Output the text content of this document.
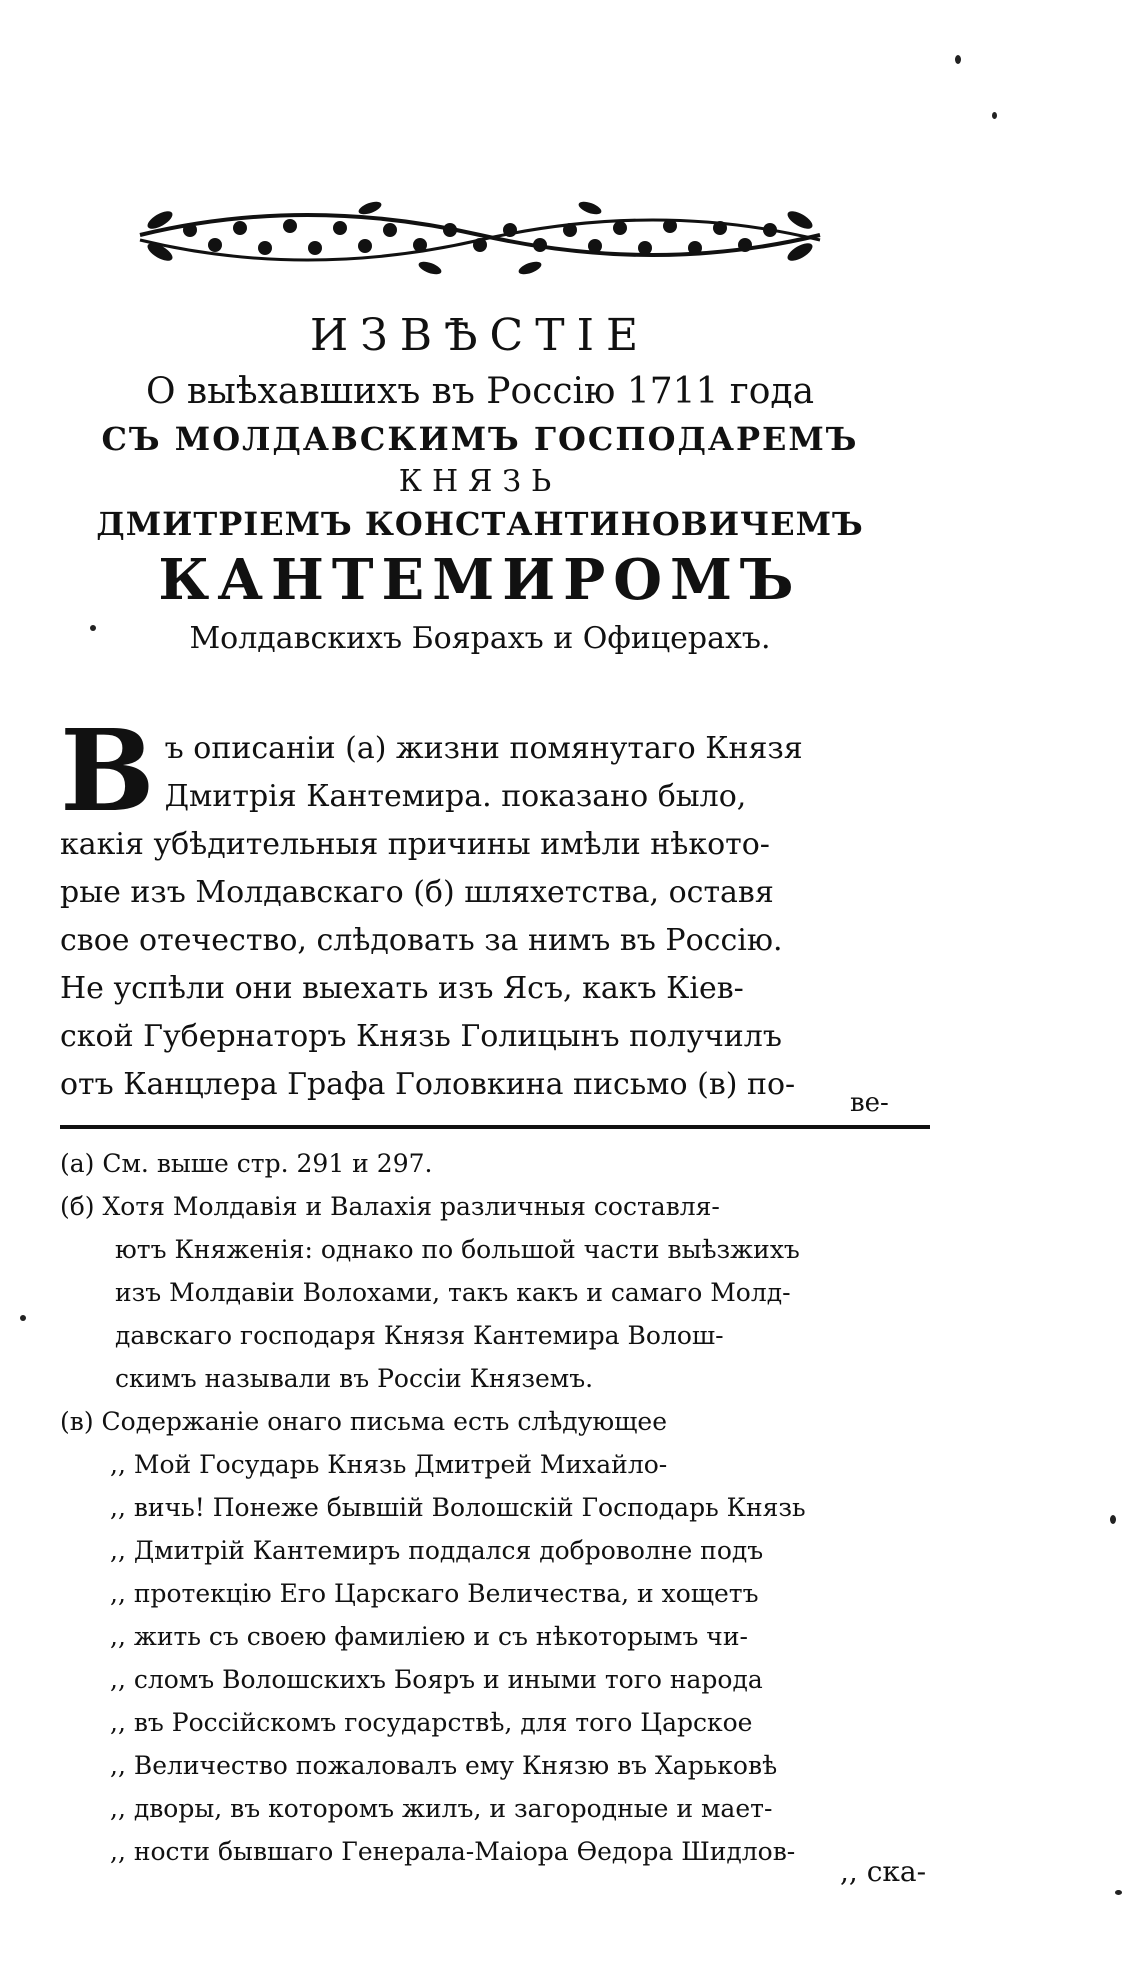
ИЗВѢСТІЕ
О выѣхавшихъ въ Россію 1711 года
СЪ МОЛДАВСКИМЪ ГОСПОДАРЕМЪ
КНЯЗЬ
ДМИТРІЕМЪ КОНСТАНТИНОВИЧЕМЪ
КАНТЕМИРОМЪ
Молдавскихъ Боярахъ и Офицерахъ.
В ъ описаніи (а) жизни помянутаго Князя
Дмитрія Кантемира. показано было,
какія убѣдительныя причины имѣли нѣкото-
рые изъ Молдавскаго (б) шляхетства, оставя
свое отечество, слѣдовать за нимъ въ Россію.
Не успѣли они выехать изъ Ясъ, какъ Кіев-
ской Губернаторъ Князь Голицынъ получилъ
отъ Канцлера Графа Головкина письмо (в) по-
ве-
(а) См. выше стр. 291 и 297.
(б) Хотя Молдавія и Валахія различныя составля-
ютъ Княженія: однако по большой части выѣзжихъ
изъ Молдавіи Волохами, такъ какъ и самаго Молд-
давскаго господаря Князя Кантемира Волош-
скимъ называли въ Россіи Княземъ.
(в) Содержаніе онаго письма есть слѣдующее
,, Мой Государь Князь Дмитрей Михайло-
,, вичь! Понеже бывшій Волошскій Господарь Князь
,, Дмитрій Кантемиръ поддался доброволне подъ
,, протекцію Его Царскаго Величества, и хощетъ
,, жить съ своею фамиліею и съ нѣкоторымъ чи-
,, сломъ Волошскихъ Бояръ и иными того народа
,, въ Россійскомъ государствѣ, для того Царское
,, Величество пожаловалъ ему Князю въ Харьковѣ
,, дворы, въ которомъ жилъ, и загородные и мает-
,, ности бывшаго Генерала-Маіора Ѳедора Шидлов-
,, ска-
